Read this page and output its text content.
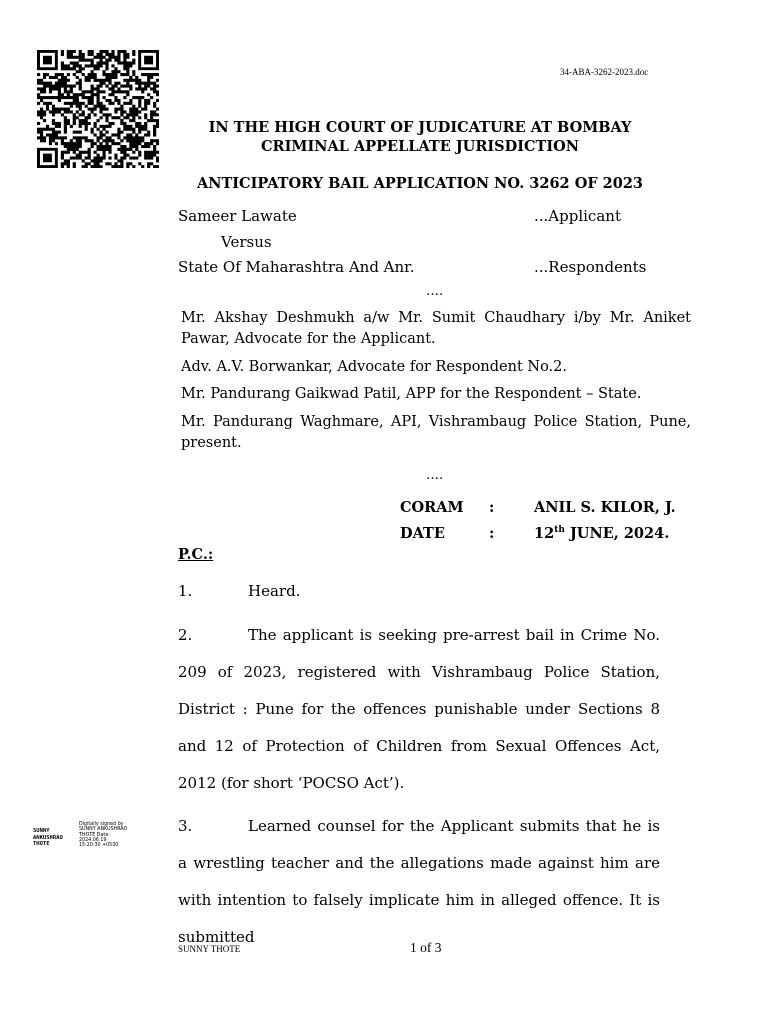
34-ABA-3262-2023.doc
IN THE HIGH COURT OF JUDICATURE AT BOMBAY
CRIMINAL APPELLATE JURISDICTION
ANTICIPATORY BAIL APPLICATION NO. 3262 OF 2023
Sameer Lawate	...Applicant
Versus
State Of Maharashtra And Anr.	...Respondents
….
Mr. Akshay Deshmukh a/w Mr. Sumit Chaudhary i/by Mr. Aniket Pawar, Advocate for the Applicant.
Adv. A.V. Borwankar, Advocate for Respondent No.2.
Mr. Pandurang Gaikwad Patil, APP for the Respondent – State.
Mr. Pandurang Waghmare, API, Vishrambaug Police Station, Pune, present.
….
CORAM :	ANIL S. KILOR, J.
DATE	:	12th JUNE, 2024.
P.C.:
1.	Heard.
2.	The applicant is seeking pre-arrest bail in Crime No. 209 of 2023, registered with Vishrambaug Police Station, District : Pune for the offences punishable under Sections 8 and 12 of Protection of Children from Sexual Offences Act, 2012 (for short ‘POCSO Act’).
3.	Learned counsel for the Applicant submits that he is a wrestling teacher and the allegations made against him are with intention to falsely implicate him in alleged offence. It is submitted
SUNNY ANKUSHRAO THOTE
Digitally signed by SUNNY ANKUSHRAO THOTE Date: 2024.06.19 15:20:30 +0530
SUNNY THOTE	1 of 3
